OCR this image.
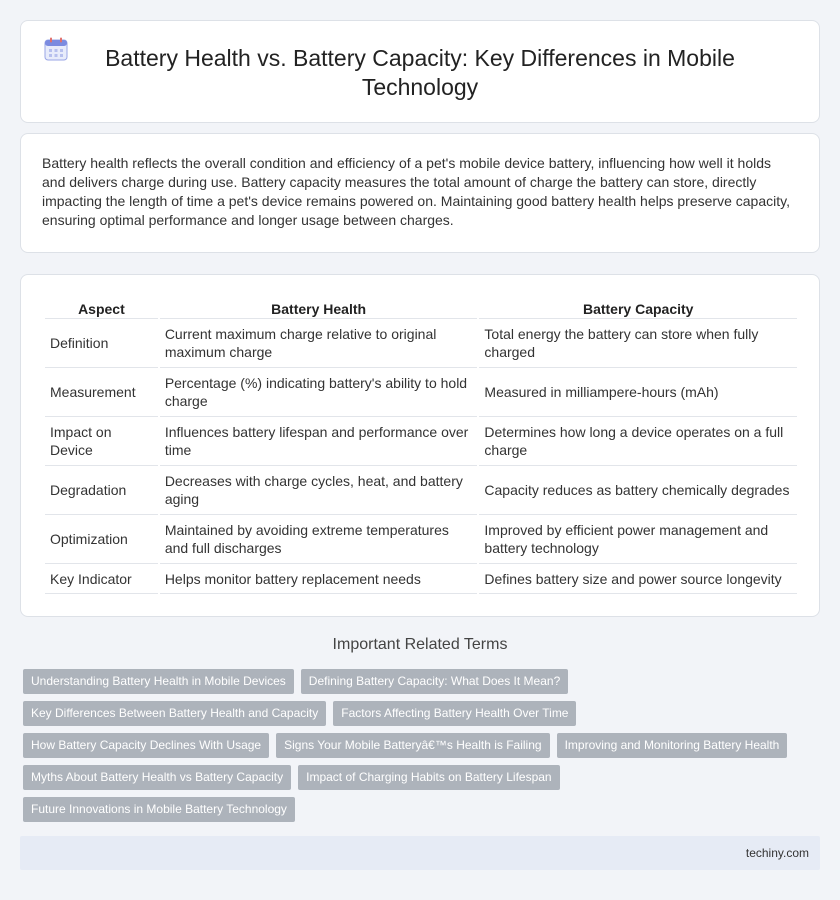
Battery Health vs. Battery Capacity: Key Differences in Mobile Technology

Battery health reflects the overall condition and efficiency of a pet's mobile device battery, influencing how well it holds and delivers charge during use. Battery capacity measures the total amount of charge the battery can store, directly impacting the length of time a pet's device remains powered on. Maintaining good battery health helps preserve capacity, ensuring optimal performance and longer usage between charges.

Aspect	Battery Health	Battery Capacity
Definition	Current maximum charge relative to original maximum charge	Total energy the battery can store when fully charged
Measurement	Percentage (%) indicating battery's ability to hold charge	Measured in milliampere-hours (mAh)
Impact on Device	Influences battery lifespan and performance over time	Determines how long a device operates on a full charge
Degradation	Decreases with charge cycles, heat, and battery aging	Capacity reduces as battery chemically degrades
Optimization	Maintained by avoiding extreme temperatures and full discharges	Improved by efficient power management and battery technology
Key Indicator	Helps monitor battery replacement needs	Defines battery size and power source longevity
Important Related Terms
Understanding Battery Health in Mobile Devices	Defining Battery Capacity: What Does It Mean?
Key Differences Between Battery Health and Capacity	Factors Affecting Battery Health Over Time
How Battery Capacity Declines With Usage	Signs Your Mobile Batteryâ€™s Health is Failing	Improving and Monitoring Battery Health
Myths About Battery Health vs Battery Capacity	Impact of Charging Habits on Battery Lifespan
Future Innovations in Mobile Battery Technology
techiny.com
